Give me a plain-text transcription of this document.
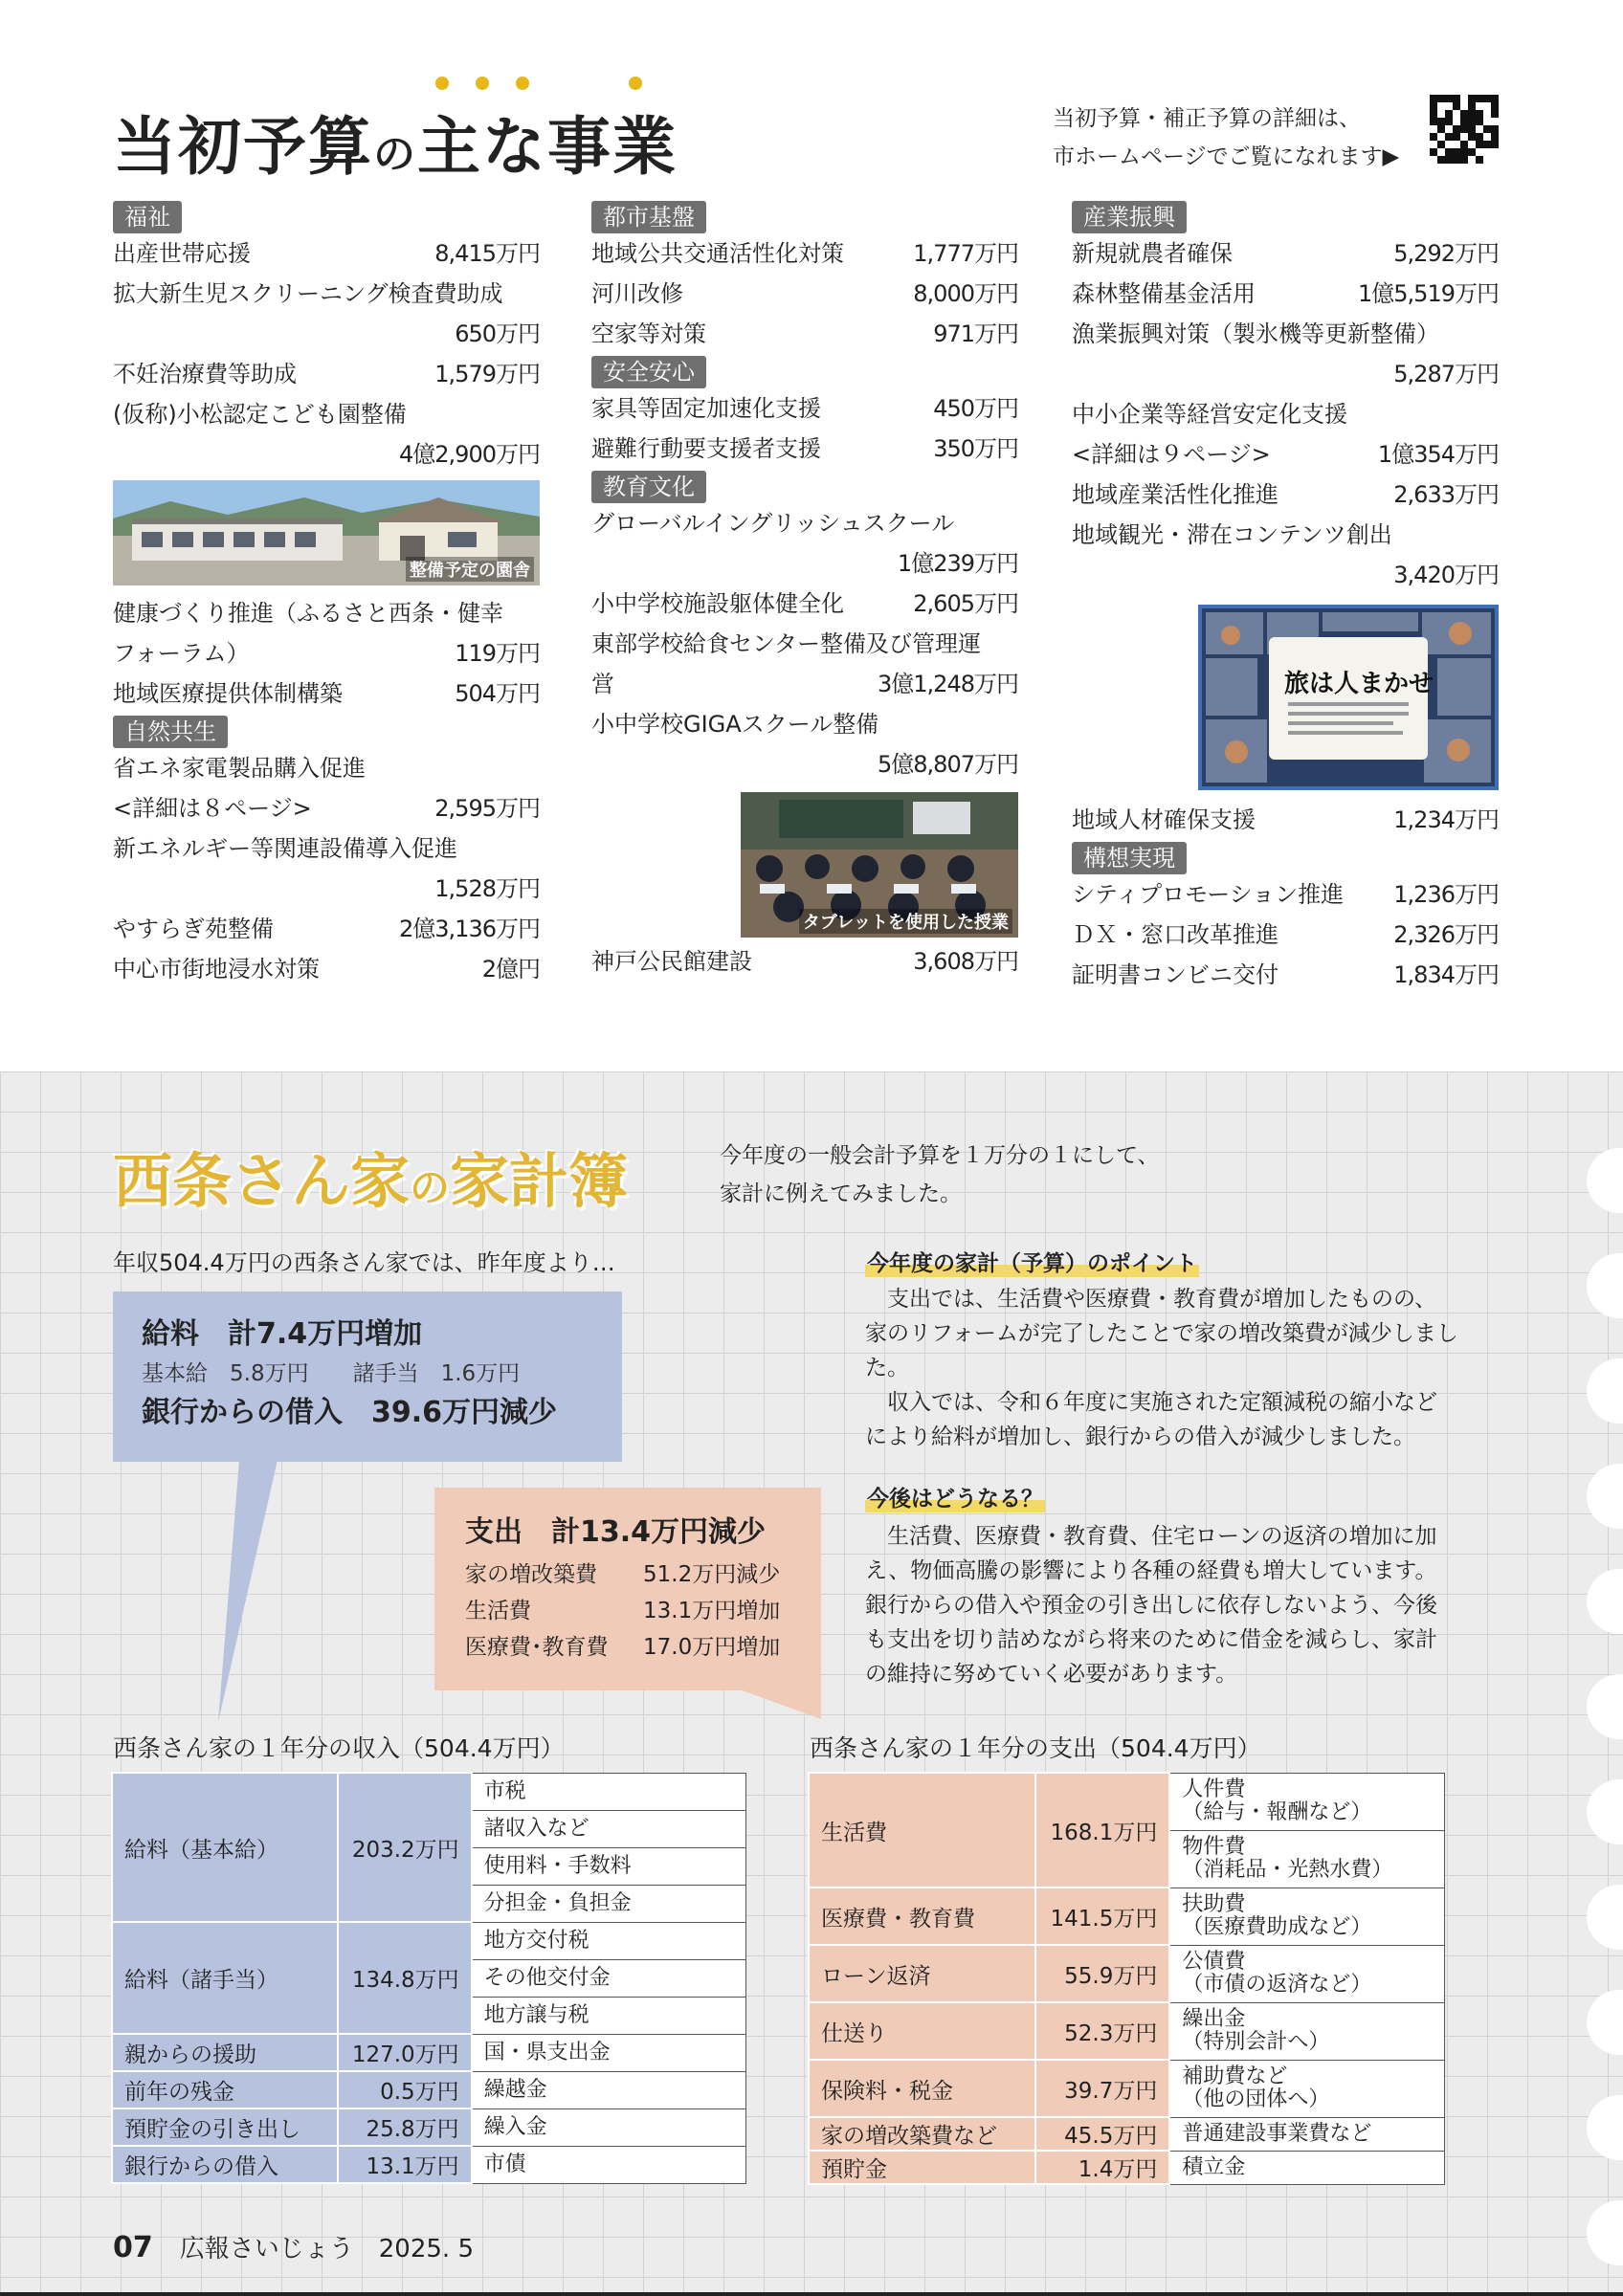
当初予算の主な事業	当初予算・補正予算の詳細は、
市ホームページでご覧になれます▶
福祉
出産世帯応援	8,415万円
拡大新生児スクリーニング検査費助成
650万円
不妊治療費等助成	1,579万円
(仮称)小松認定こども園整備
4億2,900万円
整備予定の園舎
健康づくり推進（ふるさと西条・健幸
フォーラム）	119万円
地域医療提供体制構築	504万円
自然共生
省エネ家電製品購入促進
<詳細は８ページ>	2,595万円
新エネルギー等関連設備導入促進
1,528万円
やすらぎ苑整備	2億3,136万円
中心市街地浸水対策	2億円
都市基盤
地域公共交通活性化対策	1,777万円
河川改修	8,000万円
空家等対策	971万円
安全安心
家具等固定加速化支援	450万円
避難行動要支援者支援	350万円
教育文化
グローバルイングリッシュスクール
1億239万円
小中学校施設躯体健全化	2,605万円
東部学校給食センター整備及び管理運
営	3億1,248万円
小中学校GIGAスクール整備
5億8,807万円
タブレットを使用した授業
神戸公民館建設	3,608万円
産業振興
新規就農者確保	5,292万円
森林整備基金活用	1億5,519万円
漁業振興対策（製氷機等更新整備）
5,287万円
中小企業等経営安定化支援
<詳細は９ページ>	1億354万円
地域産業活性化推進	2,633万円
地域観光・滞在コンテンツ創出
3,420万円
旅は人まかせ
地域人材確保支援	1,234万円
構想実現
シティプロモーション推進 1,236万円
ＤＸ・窓口改革推進	2,326万円
証明書コンビニ交付	1,834万円
西条さん家の家計簿	今年度の一般会計予算を１万分の１にして、
家計に例えてみました。
年収504.4万円の西条さん家では、昨年度より…
給料　計7.4万円増加
基本給　5.8万円　　諸手当　1.6万円
銀行からの借入　39.6万円減少
支出　計13.4万円減少
家の増改築費	51.2万円減少
生活費	13.1万円増加
医療費･教育費	17.0万円増加
今年度の家計（予算）のポイント

支出では、生活費や医療費・教育費が増加したものの、家のリフォームが完了したことで家の増改築費が減少しました。

収入では、令和６年度に実施された定額減税の縮小などにより給料が増加し、銀行からの借入が減少しました。

今後はどうなる？

生活費、医療費・教育費、住宅ローンの返済の増加に加え、物価高騰の影響により各種の経費も増大しています。銀行からの借入や預金の引き出しに依存しないよう、今後も支出を切り詰めながら将来のために借金を減らし、家計の維持に努めていく必要があります。

西条さん家の１年分の収入（504.4万円）
給料（基本給）	203.2万円	市税
		諸収入など
		使用料・手数料
		分担金・負担金
給料（諸手当）	134.8万円	地方交付税
		その他交付金
		地方譲与税
親からの援助	127.0万円	国・県支出金
前年の残金	0.5万円	繰越金
預貯金の引き出し	25.8万円	繰入金
銀行からの借入	13.1万円	市債
西条さん家の１年分の支出（504.4万円）
生活費	168.1万円	人件費
（給与・報酬など）

		物件費
（消耗品・光熱水費）

医療費・教育費	141.5万円	扶助費
（医療費助成など）

ローン返済	55.9万円	公債費
（市債の返済など）

仕送り	52.3万円	繰出金
（特別会計へ）

保険料・税金	39.7万円	補助費など
（他の団体へ）

家の増改築費など	45.5万円	普通建設事業費など
預貯金	1.4万円	積立金
07 広報さいじょう　2025. 5
